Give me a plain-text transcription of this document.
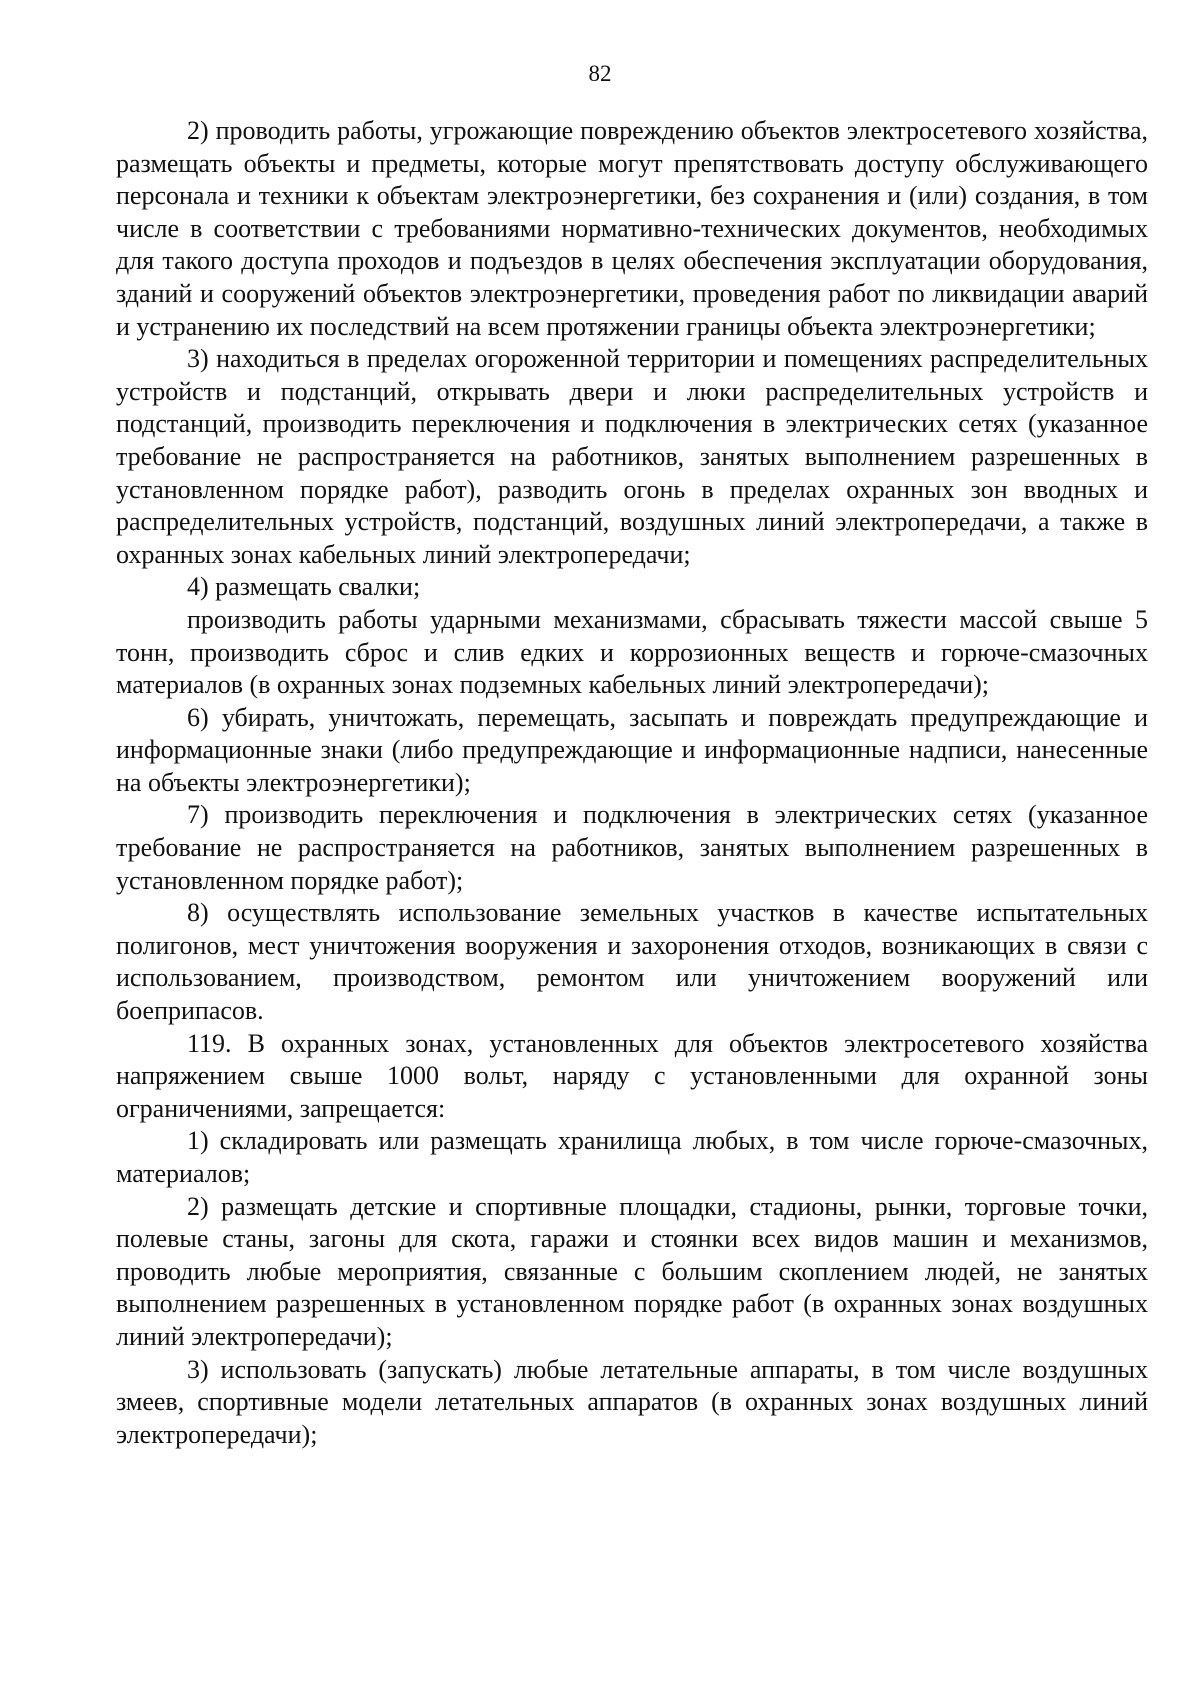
82

2) проводить работы, угрожающие повреждению объектов электросетевого хозяйства, размещать объекты и предметы, которые могут препятствовать доступу обслуживающего персонала и техники к объектам электроэнергетики, без сохранения и (или) создания, в том числе в соответствии с требованиями нормативно-технических документов, необходимых для такого доступа проходов и подъездов в целях обеспечения эксплуатации оборудования, зданий и сооружений объектов электроэнергетики, проведения работ по ликвидации аварий и устранению их последствий на всем протяжении границы объекта электроэнергетики;

3) находиться в пределах огороженной территории и помещениях распределительных устройств и подстанций, открывать двери и люки распределительных устройств и подстанций, производить переключения и подключения в электрических сетях (указанное требование не распространяется на работников, занятых выполнением разрешенных в установленном порядке работ), разводить огонь в пределах охранных зон вводных и распределительных устройств, подстанций, воздушных линий электропередачи, а также в охранных зонах кабельных линий электропередачи;

4) размещать свалки;

производить работы ударными механизмами, сбрасывать тяжести массой свыше 5 тонн, производить сброс и слив едких и коррозионных веществ и горюче-смазочных материалов (в охранных зонах подземных кабельных линий электропередачи);

6) убирать, уничтожать, перемещать, засыпать и повреждать предупреждающие и информационные знаки (либо предупреждающие и информационные надписи, нанесенные на объекты электроэнергетики);

7) производить переключения и подключения в электрических сетях (указанное требование не распространяется на работников, занятых выполнением разрешенных в установленном порядке работ);

8) осуществлять использование земельных участков в качестве испытательных полигонов, мест уничтожения вооружения и захоронения отходов, возникающих в связи с использованием, производством, ремонтом или уничтожением вооружений или боеприпасов.

119. В охранных зонах, установленных для объектов электросетевого хозяйства напряжением свыше 1000 вольт, наряду с установленными для охранной зоны ограничениями, запрещается:

1) складировать или размещать хранилища любых, в том числе горюче-смазочных, материалов;

2) размещать детские и спортивные площадки, стадионы, рынки, торговые точки, полевые станы, загоны для скота, гаражи и стоянки всех видов машин и механизмов, проводить любые мероприятия, связанные с большим скоплением людей, не занятых выполнением разрешенных в установленном порядке работ (в охранных зонах воздушных линий электропередачи);

3) использовать (запускать) любые летательные аппараты, в том числе воздушных змеев, спортивные модели летательных аппаратов (в охранных зонах воздушных линий электропередачи);
